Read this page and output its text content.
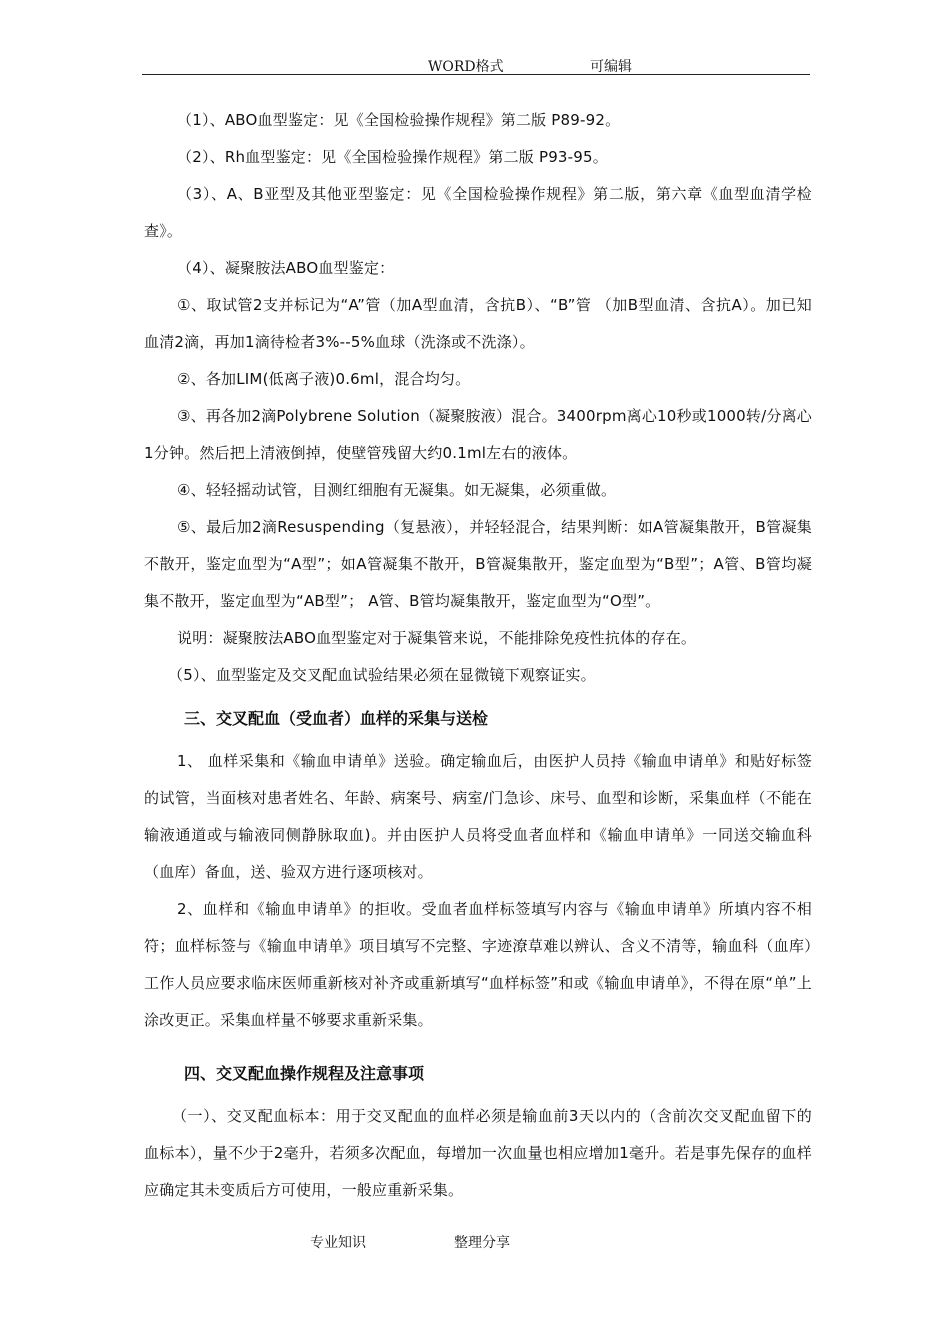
WORD格式	可编辑

（1）、ABO血型鉴定：见《全国检验操作规程》第二版 P89-92。

（2）、Rh血型鉴定：见《全国检验操作规程》第二版 P93-95。

（3）、A、B亚型及其他亚型鉴定：见《全国检验操作规程》第二版，第六章《血型血清学检查》。

（4）、凝聚胺法ABO血型鉴定：

①、取试管2支并标记为“A”管（加A型血清，含抗B）、“B”管 （加B型血清、含抗A）。加已知血清2滴，再加1滴待检者3%--5%血球（洗涤或不洗涤）。

②、各加LIM(低离子液)0.6ml，混合均匀。

③、再各加2滴Polybrene Solution（凝聚胺液）混合。3400rpm离心10秒或1000转/分离心1分钟。然后把上清液倒掉，使壁管残留大约0.1ml左右的液体。

④、轻轻摇动试管，目测红细胞有无凝集。如无凝集，必须重做。

⑤、最后加2滴Resuspending（复悬液），并轻轻混合，结果判断：如A管凝集散开，B管凝集不散开，鉴定血型为“A型”；如A管凝集不散开，B管凝集散开，鉴定血型为“B型”；A管、B管均凝集不散开，鉴定血型为“AB型”； A管、B管均凝集散开，鉴定血型为“O型”。

说明：凝聚胺法ABO血型鉴定对于凝集管来说，不能排除免疫性抗体的存在。

（5）、血型鉴定及交叉配血试验结果必须在显微镜下观察证实。

三、交叉配血（受血者）血样的采集与送检

1、 血样采集和《输血申请单》送验。确定输血后，由医护人员持《输血申请单》和贴好标签的试管，当面核对患者姓名、年龄、病案号、病室/门急诊、床号、血型和诊断，采集血样（不能在输液通道或与输液同侧静脉取血)。并由医护人员将受血者血样和《输血申请单》一同送交输血科（血库）备血，送、验双方进行逐项核对。

2、血样和《输血申请单》的拒收。受血者血样标签填写内容与《输血申请单》所填内容不相符；血样标签与《输血申请单》项目填写不完整、字迹潦草难以辨认、含义不清等，输血科（血库）工作人员应要求临床医师重新核对补齐或重新填写“血样标签”和或《输血申请单》，不得在原“单”上涂改更正。采集血样量不够要求重新采集。

四、交叉配血操作规程及注意事项

（一）、交叉配血标本：用于交叉配血的血样必须是输血前3天以内的（含前次交叉配血留下的血标本），量不少于2毫升，若须多次配血，每增加一次血量也相应增加1毫升。若是事先保存的血样应确定其未变质后方可使用，一般应重新采集。

专业知识	整理分享
